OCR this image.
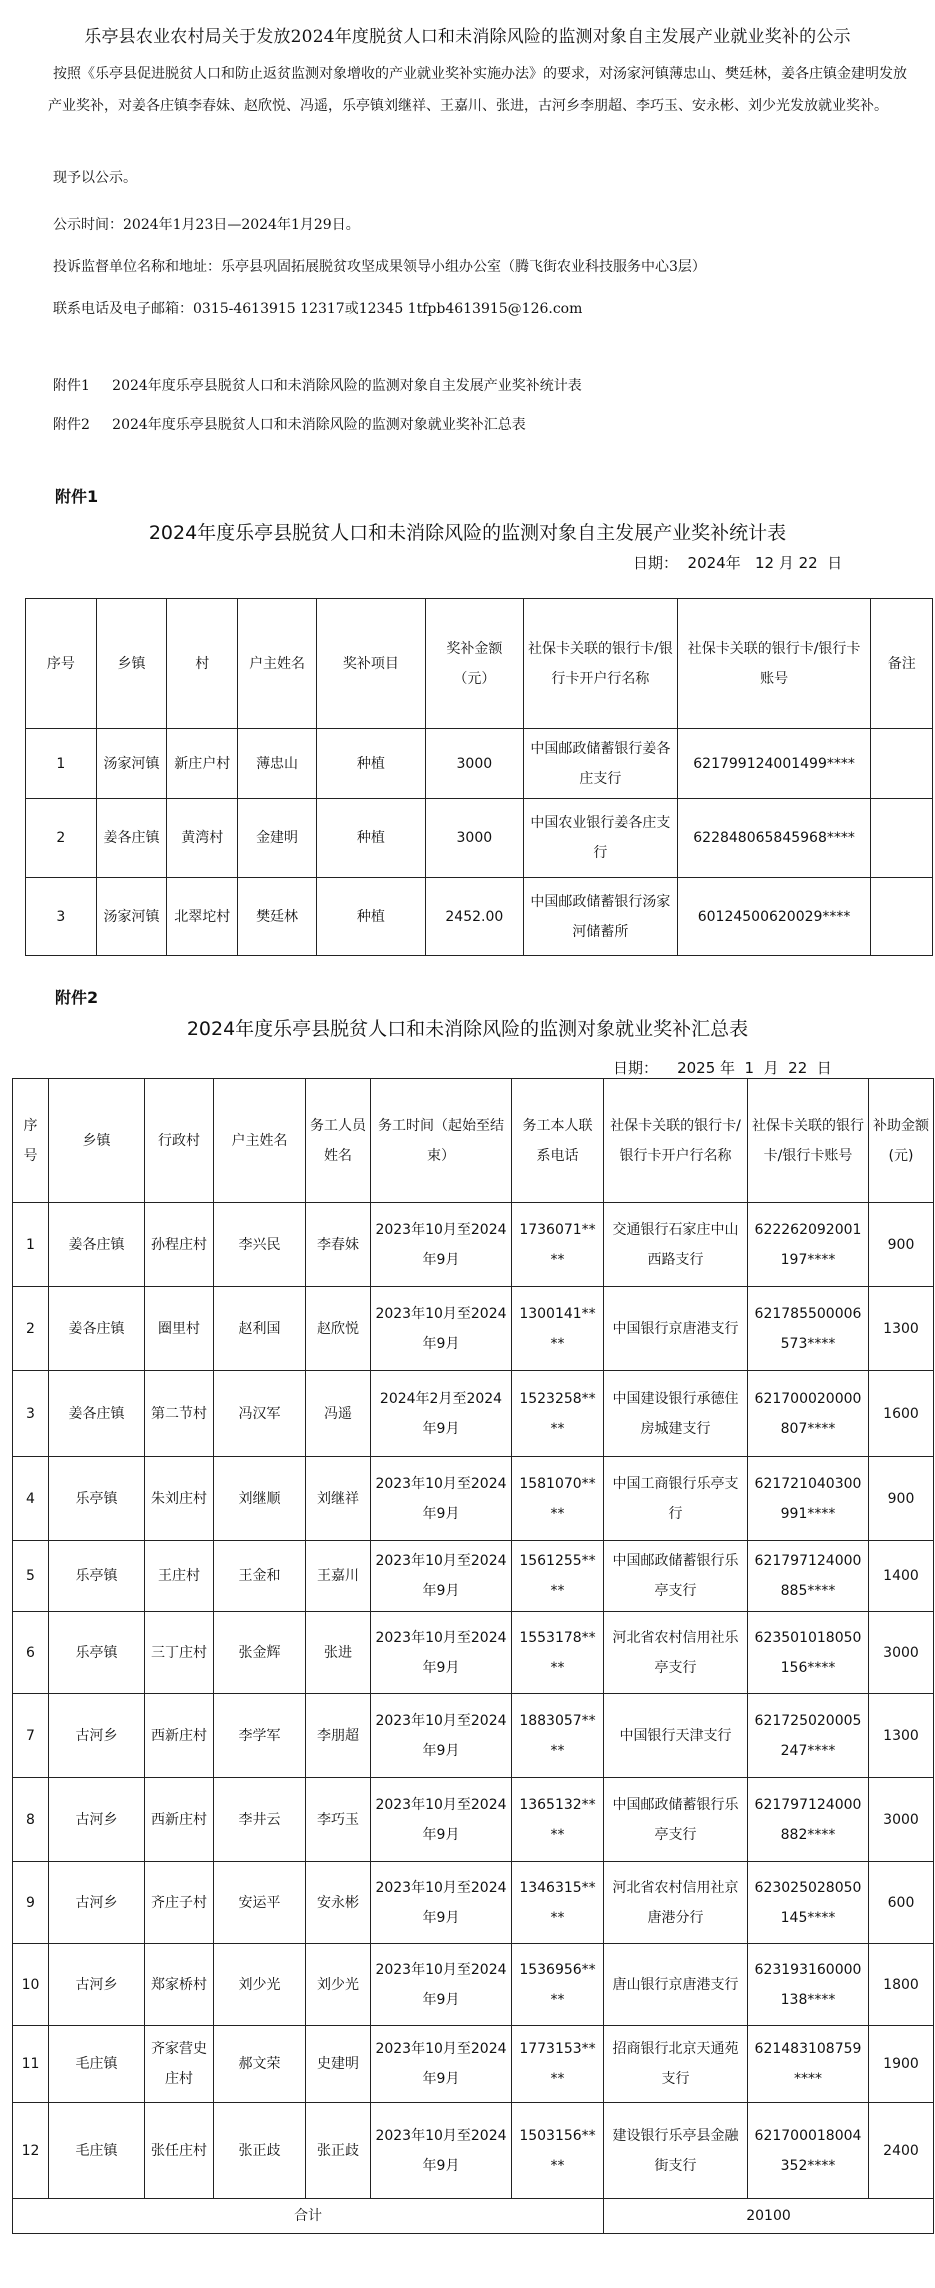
乐亭县农业农村局关于发放2024年度脱贫人口和未消除风险的监测对象自主发展产业就业奖补的公示
按照《乐亭县促进脱贫人口和防止返贫监测对象增收的产业就业奖补实施办法》的要求，对汤家河镇薄忠山、樊廷林，姜各庄镇金建明发放产业奖补，对姜各庄镇李春妹、赵欣悦、冯遥，乐亭镇刘继祥、王嘉川、张进，古河乡李朋超、李巧玉、安永彬、刘少光发放就业奖补。
现予以公示。
公示时间：2024年1月23日—2024年1月29日。
投诉监督单位名称和地址：乐亭县巩固拓展脱贫攻坚成果领导小组办公室（腾飞街农业科技服务中心3层）
联系电话及电子邮箱：0315-4613915 12317或12345 1tfpb4613915@126.com
附件1     2024年度乐亭县脱贫人口和未消除风险的监测对象自主发展产业奖补统计表
附件2     2024年度乐亭县脱贫人口和未消除风险的监测对象就业奖补汇总表
附件1
2024年度乐亭县脱贫人口和未消除风险的监测对象自主发展产业奖补统计表
日期：  2024年   12 月 22  日
序号	乡镇	村	户主姓名	奖补项目	奖补金额（元）	社保卡关联的银行卡/银行卡开户行名称	社保卡关联的银行卡/银行卡账号	备注
1	汤家河镇	新庄户村	薄忠山	种植	3000	中国邮政储蓄银行姜各庄支行	621799124001499****	
2	姜各庄镇	黄湾村	金建明	种植	3000	中国农业银行姜各庄支行	622848065845968****	
3	汤家河镇	北翠坨村	樊廷林	种植	2452.00	中国邮政储蓄银行汤家河储蓄所	60124500620029****	
附件2
2024年度乐亭县脱贫人口和未消除风险的监测对象就业奖补汇总表
日期：    2025 年  1  月  22  日
序号	乡镇	行政村	户主姓名	务工人员姓名	务工时间（起始至结束）	务工本人联系电话	社保卡关联的银行卡/银行卡开户行名称	社保卡关联的银行卡/银行卡账号	补助金额(元)
1	姜各庄镇	孙程庄村	李兴民	李春妹	2023年10月至2024年9月	1736071****	交通银行石家庄中山西路支行	622262092001197****	900
2	姜各庄镇	圈里村	赵利国	赵欣悦	2023年10月至2024年9月	1300141****	中国银行京唐港支行	621785500006573****	1300
3	姜各庄镇	第二节村	冯汉军	冯遥	2024年2月至2024年9月	1523258****	中国建设银行承德住房城建支行	621700020000807****	1600
4	乐亭镇	朱刘庄村	刘继顺	刘继祥	2023年10月至2024年9月	1581070****	中国工商银行乐亭支行	621721040300991****	900
5	乐亭镇	王庄村	王金和	王嘉川	2023年10月至2024年9月	1561255****	中国邮政储蓄银行乐亭支行	621797124000885****	1400
6	乐亭镇	三丁庄村	张金辉	张进	2023年10月至2024年9月	1553178****	河北省农村信用社乐亭支行	623501018050156****	3000
7	古河乡	西新庄村	李学军	李朋超	2023年10月至2024年9月	1883057****	中国银行天津支行	621725020005247****	1300
8	古河乡	西新庄村	李井云	李巧玉	2023年10月至2024年9月	1365132****	中国邮政储蓄银行乐亭支行	621797124000882****	3000
9	古河乡	齐庄子村	安运平	安永彬	2023年10月至2024年9月	1346315****	河北省农村信用社京唐港分行	623025028050145****	600
10	古河乡	郑家桥村	刘少光	刘少光	2023年10月至2024年9月	1536956****	唐山银行京唐港支行	623193160000138****	1800
11	毛庄镇	齐家营史庄村	郝文荣	史建明	2023年10月至2024年9月	1773153****	招商银行北京天通苑支行	621483108759****	1900
12	毛庄镇	张任庄村	张正歧	张正歧	2023年10月至2024年9月	1503156****	建设银行乐亭县金融街支行	621700018004352****	2400
合计							20100		
